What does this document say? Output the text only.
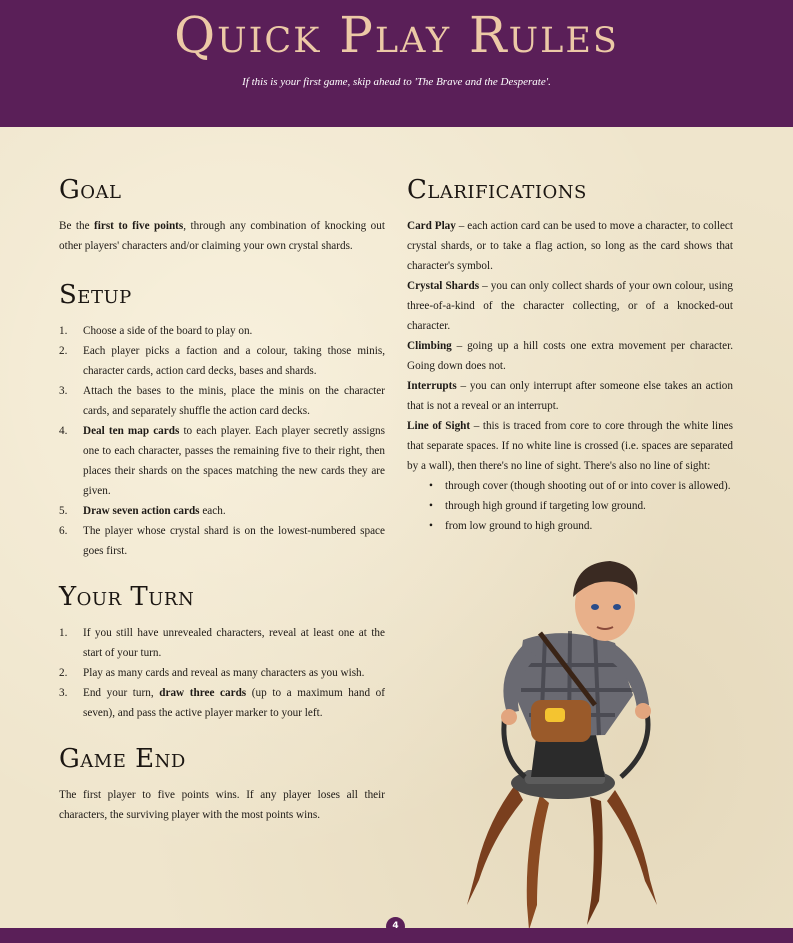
Quick Play Rules
If this is your first game, skip ahead to 'The Brave and the Desperate'.
Goal

Be the first to five points, through any combination of knocking out other players' characters and/or claiming your own crystal shards.

Setup
1. Choose a side of the board to play on.
2. Each player picks a faction and a colour, taking those minis, character cards, action card decks, bases and shards.
3. Attach the bases to the minis, place the minis on the character cards, and separately shuffle the action card decks.
4. Deal ten map cards to each player. Each player secretly assigns one to each character, passes the remaining five to their right, then places their shards on the spaces matching the new cards they are given.
5. Draw seven action cards each.
6. The player whose crystal shard is on the lowest-numbered space goes first.
Your Turn
1. If you still have unrevealed characters, reveal at least one at the start of your turn.
2. Play as many cards and reveal as many characters as you wish.
3. End your turn, draw three cards (up to a maximum hand of seven), and pass the active player marker to your left.
Game End

The first player to five points wins. If any player loses all their characters, the surviving player with the most points wins.

Clarifications

Card Play – each action card can be used to move a character, to collect crystal shards, or to take a flag action, so long as the card shows that character's symbol.

Crystal Shards – you can only collect shards of your own colour, using three-of-a-kind of the character collecting, or of a knocked-out character.

Climbing – going up a hill costs one extra movement per character. Going down does not.

Interrupts – you can only interrupt after someone else takes an action that is not a reveal or an interrupt.

Line of Sight – this is traced from core to core through the white lines that separate spaces. If no white line is crossed (i.e. spaces are separated by a wall), then there's no line of sight. There's also no line of sight:

• through cover (though shooting out of or into cover is allowed).
• through high ground if targeting low ground.
• from low ground to high ground.
4
